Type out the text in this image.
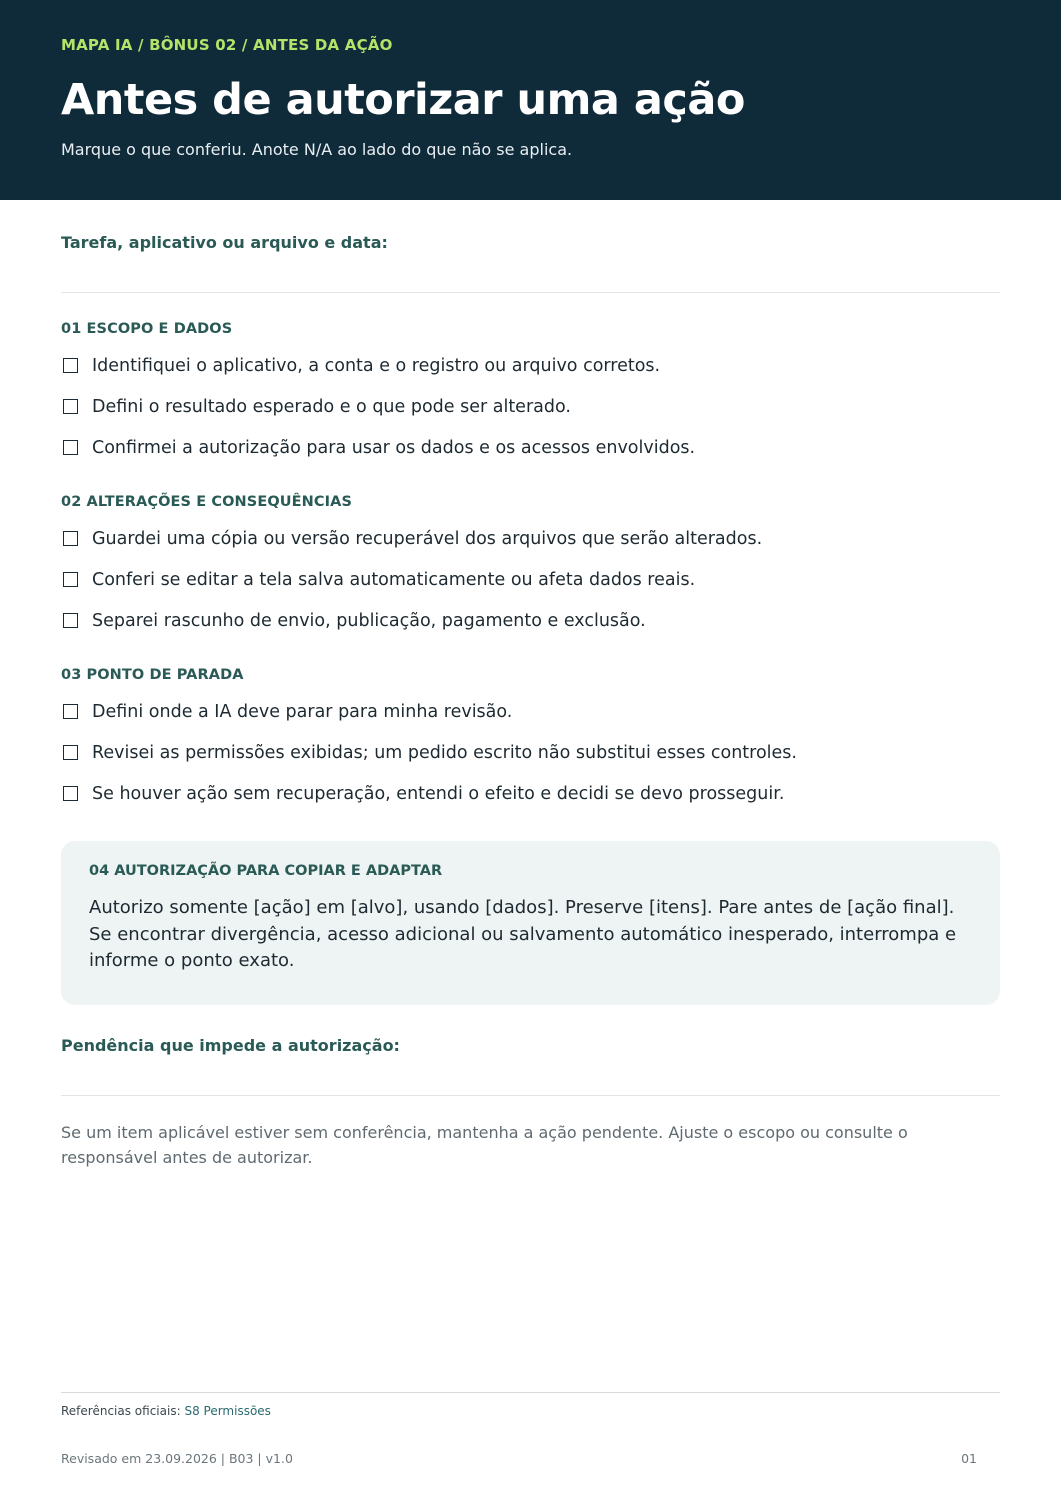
MAPA IA / BÔNUS 02 / ANTES DA AÇÃO
Antes de autorizar uma ação
Marque o que conferiu. Anote N/A ao lado do que não se aplica.
Tarefa, aplicativo ou arquivo e data:
01 ESCOPO E DADOS
Identifiquei o aplicativo, a conta e o registro ou arquivo corretos.
Defini o resultado esperado e o que pode ser alterado.
Confirmei a autorização para usar os dados e os acessos envolvidos.
02 ALTERAÇÕES E CONSEQUÊNCIAS
Guardei uma cópia ou versão recuperável dos arquivos que serão alterados.
Conferi se editar a tela salva automaticamente ou afeta dados reais.
Separei rascunho de envio, publicação, pagamento e exclusão.
03 PONTO DE PARADA
Defini onde a IA deve parar para minha revisão.
Revisei as permissões exibidas; um pedido escrito não substitui esses controles.
Se houver ação sem recuperação, entendi o efeito e decidi se devo prosseguir.
04 AUTORIZAÇÃO PARA COPIAR E ADAPTAR
Autorizo somente [ação] em [alvo], usando [dados]. Preserve [itens]. Pare antes de [ação final]. Se encontrar divergência, acesso adicional ou salvamento automático inesperado, interrompa e informe o ponto exato.
Pendência que impede a autorização:
Se um item aplicável estiver sem conferência, mantenha a ação pendente. Ajuste o escopo ou consulte o responsável antes de autorizar.
Referências oficiais: S8 Permissões
Revisado em 23.09.2026 | B03 | v1.0	01
